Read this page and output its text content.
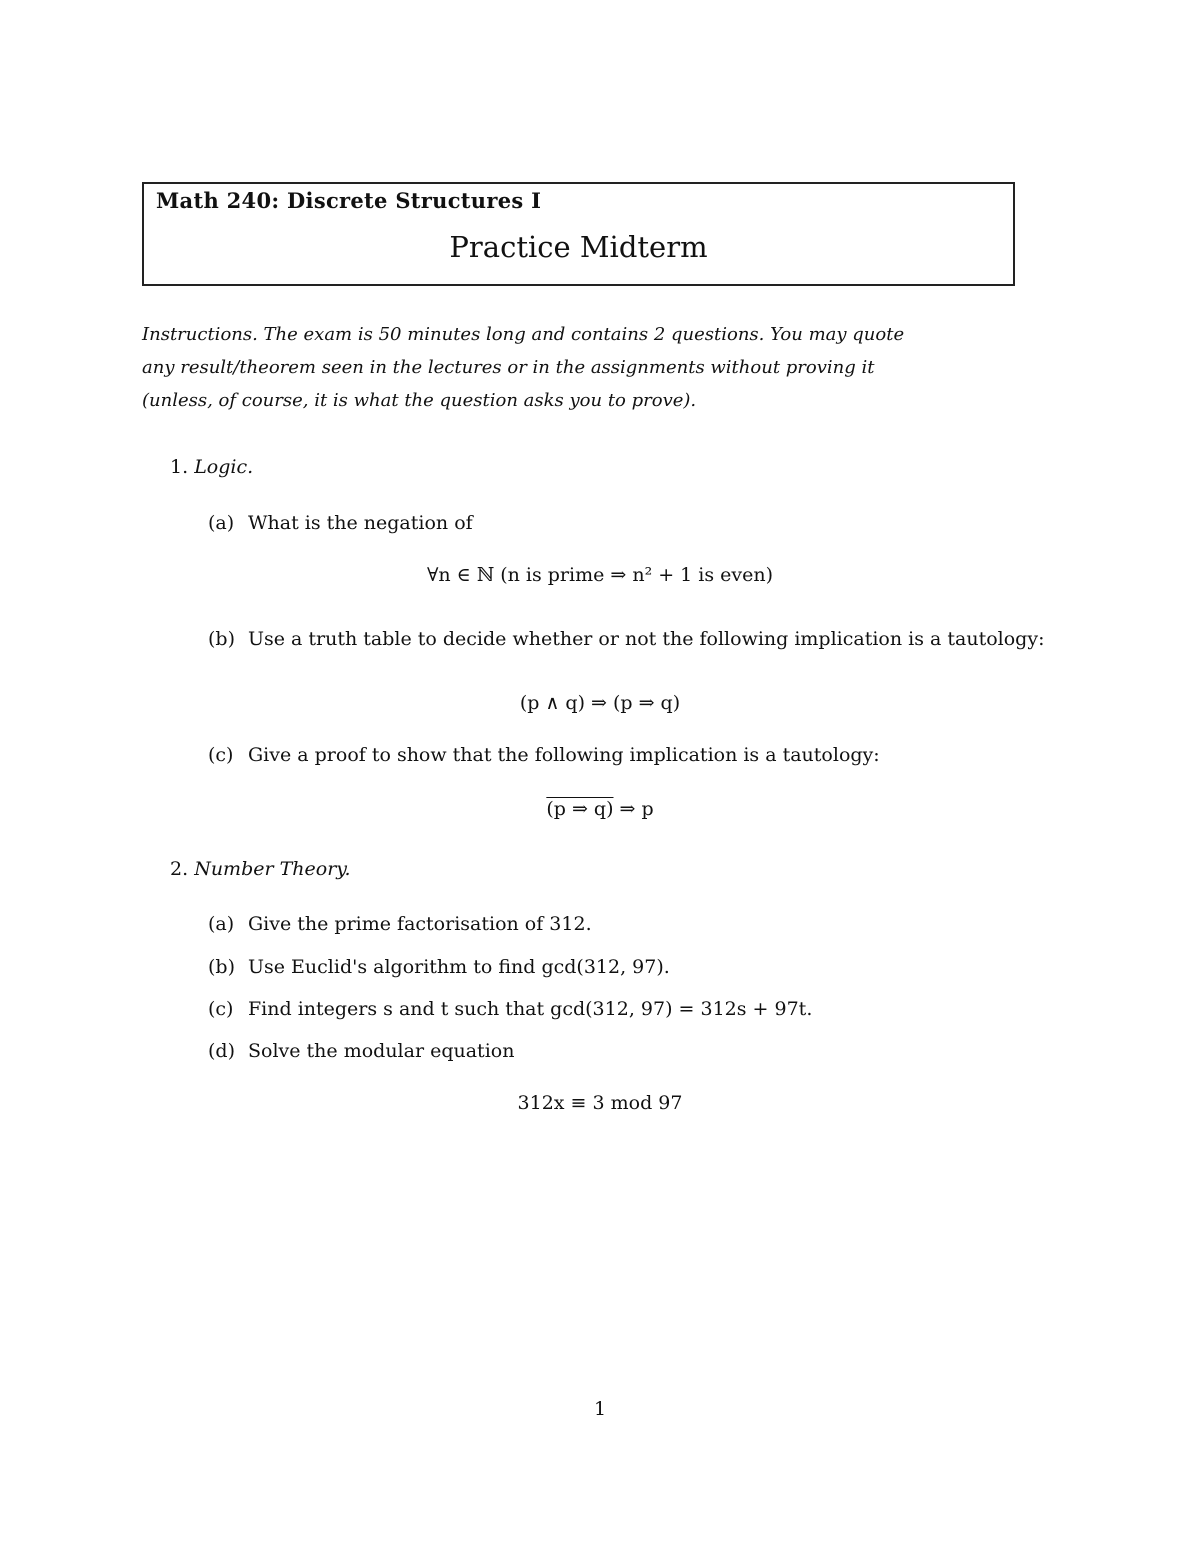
Math 240: Discrete Structures I
Practice Midterm
Instructions. The exam is 50 minutes long and contains 2 questions. You may quote any result/theorem seen in the lectures or in the assignments without proving it (unless, of course, it is what the question asks you to prove).
1. Logic.
(a) What is the negation of
∀n ∈ ℕ (n is prime ⇒ n² + 1 is even)
(b) Use a truth table to decide whether or not the following implication is a tautology:
(p ∧ q) ⇒ (p ⇒ q)
(c) Give a proof to show that the following implication is a tautology:
(p ⇒ q) ⇒ p
2. Number Theory.
(a) Give the prime factorisation of 312.
(b) Use Euclid's algorithm to find gcd(312, 97).
(c) Find integers s and t such that gcd(312, 97) = 312s + 97t.
(d) Solve the modular equation
312x ≡ 3 mod 97
1
